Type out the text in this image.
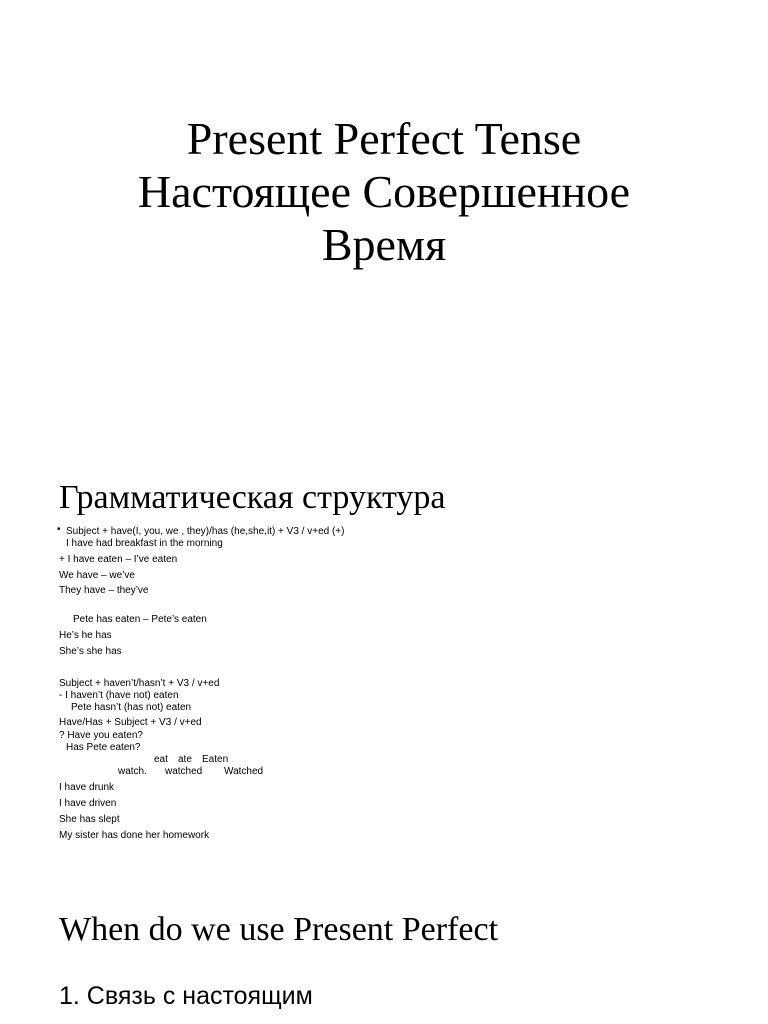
Present Perfect Tense
Настоящее Совершенное
Время
Грамматическая структура
• Subject + have(I, you, we , they)/has (he,she,it) + V3 / v+ed (+)
I have had breakfast in the morning
+ I have eaten – I’ve eaten
We have – we’ve
They have – they’ve
Pete has eaten – Pete’s eaten
He’s he has
She’s she has
Subject + haven’t/hasn’t + V3 / v+ed
- I haven’t (have not) eaten
Pete hasn’t (has not) eaten
Have/Has + Subject + V3 / v+ed
? Have you eaten?
Has Pete eaten?
eat ate Eaten
watch. watched Watched
I have drunk
I have driven
She has slept
My sister has done her homework
When do we use Present Perfect
1. Связь с настоящим
